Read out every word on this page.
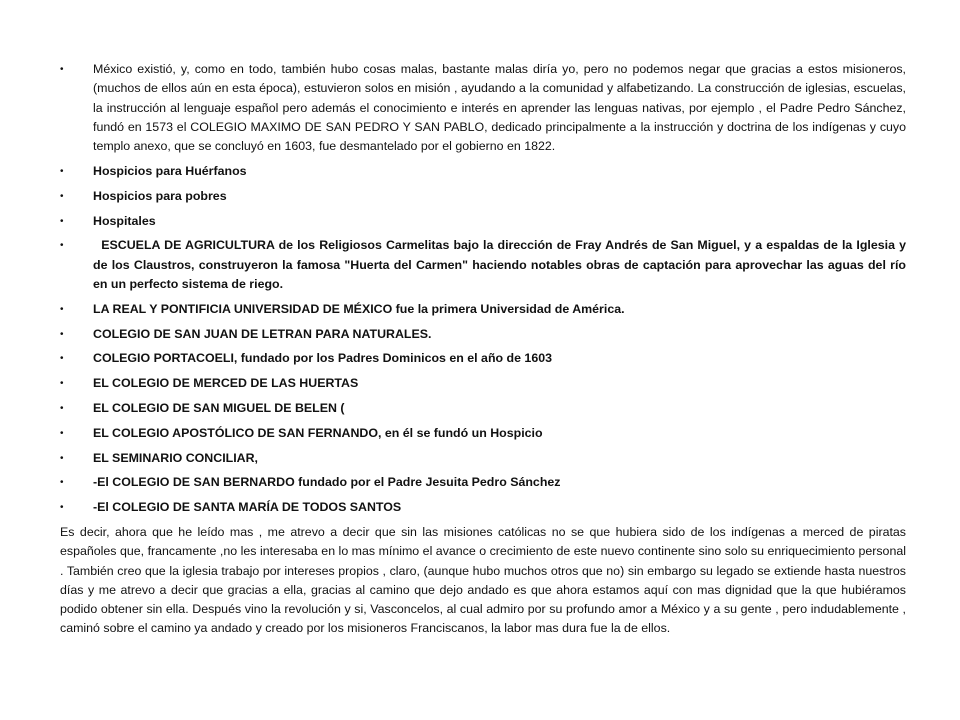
•	México existió, y, como en todo, también hubo cosas malas, bastante malas diría yo, pero no podemos negar que gracias a estos misioneros, (muchos de ellos aún en esta época), estuvieron solos en misión , ayudando a la comunidad y alfabetizando. La construcción de iglesias, escuelas, la instrucción al lenguaje español pero además el conocimiento e interés en aprender las lenguas nativas, por ejemplo , el Padre Pedro Sánchez, fundó en 1573 el COLEGIO MAXIMO DE SAN PEDRO Y SAN PABLO, dedicado principalmente a la instrucción y doctrina de los indígenas y cuyo templo anexo, que se concluyó en 1603, fue desmantelado por el gobierno en 1822.
•	Hospicios para Huérfanos
•	Hospicios para pobres
•	Hospitales
•	ESCUELA DE AGRICULTURA de los Religiosos Carmelitas bajo la dirección de Fray Andrés de San Miguel, y a espaldas de la Iglesia y de los Claustros, construyeron la famosa "Huerta del Carmen" haciendo notables obras de captación para aprovechar las aguas del río en un perfecto sistema de riego.
•	LA REAL Y PONTIFICIA UNIVERSIDAD DE MÉXICO fue la primera Universidad de América.
•	COLEGIO DE SAN JUAN DE LETRAN PARA NATURALES.
•	COLEGIO PORTACOELI, fundado por los Padres Dominicos en el año de 1603
•	EL COLEGIO DE MERCED DE LAS HUERTAS
•	EL COLEGIO DE SAN MIGUEL DE BELEN (
•	EL COLEGIO APOSTÓLICO DE SAN FERNANDO, en él se fundó un Hospicio
•	EL SEMINARIO CONCILIAR,
•	-El COLEGIO DE SAN BERNARDO fundado por el Padre Jesuita Pedro Sánchez
•	-El COLEGIO DE SANTA MARÍA DE TODOS SANTOS

Es decir, ahora que he leído mas , me atrevo a decir que sin las misiones católicas no se que hubiera sido de los indígenas a merced de piratas españoles que, francamente ,no les interesaba en lo mas mínimo el avance o crecimiento de este nuevo continente sino solo su enriquecimiento personal . También creo que la iglesia trabajo por intereses propios , claro, (aunque hubo muchos otros que no) sin embargo su legado se extiende hasta nuestros días y me atrevo a decir que gracias a ella, gracias al camino que dejo andado es que ahora estamos aquí con mas dignidad que la que hubiéramos podido obtener sin ella. Después vino la revolución y si, Vasconcelos, al cual admiro por su profundo amor a México y a su gente , pero indudablemente , caminó sobre el camino ya andado y creado por los misioneros Franciscanos, la labor mas dura fue la de ellos.
